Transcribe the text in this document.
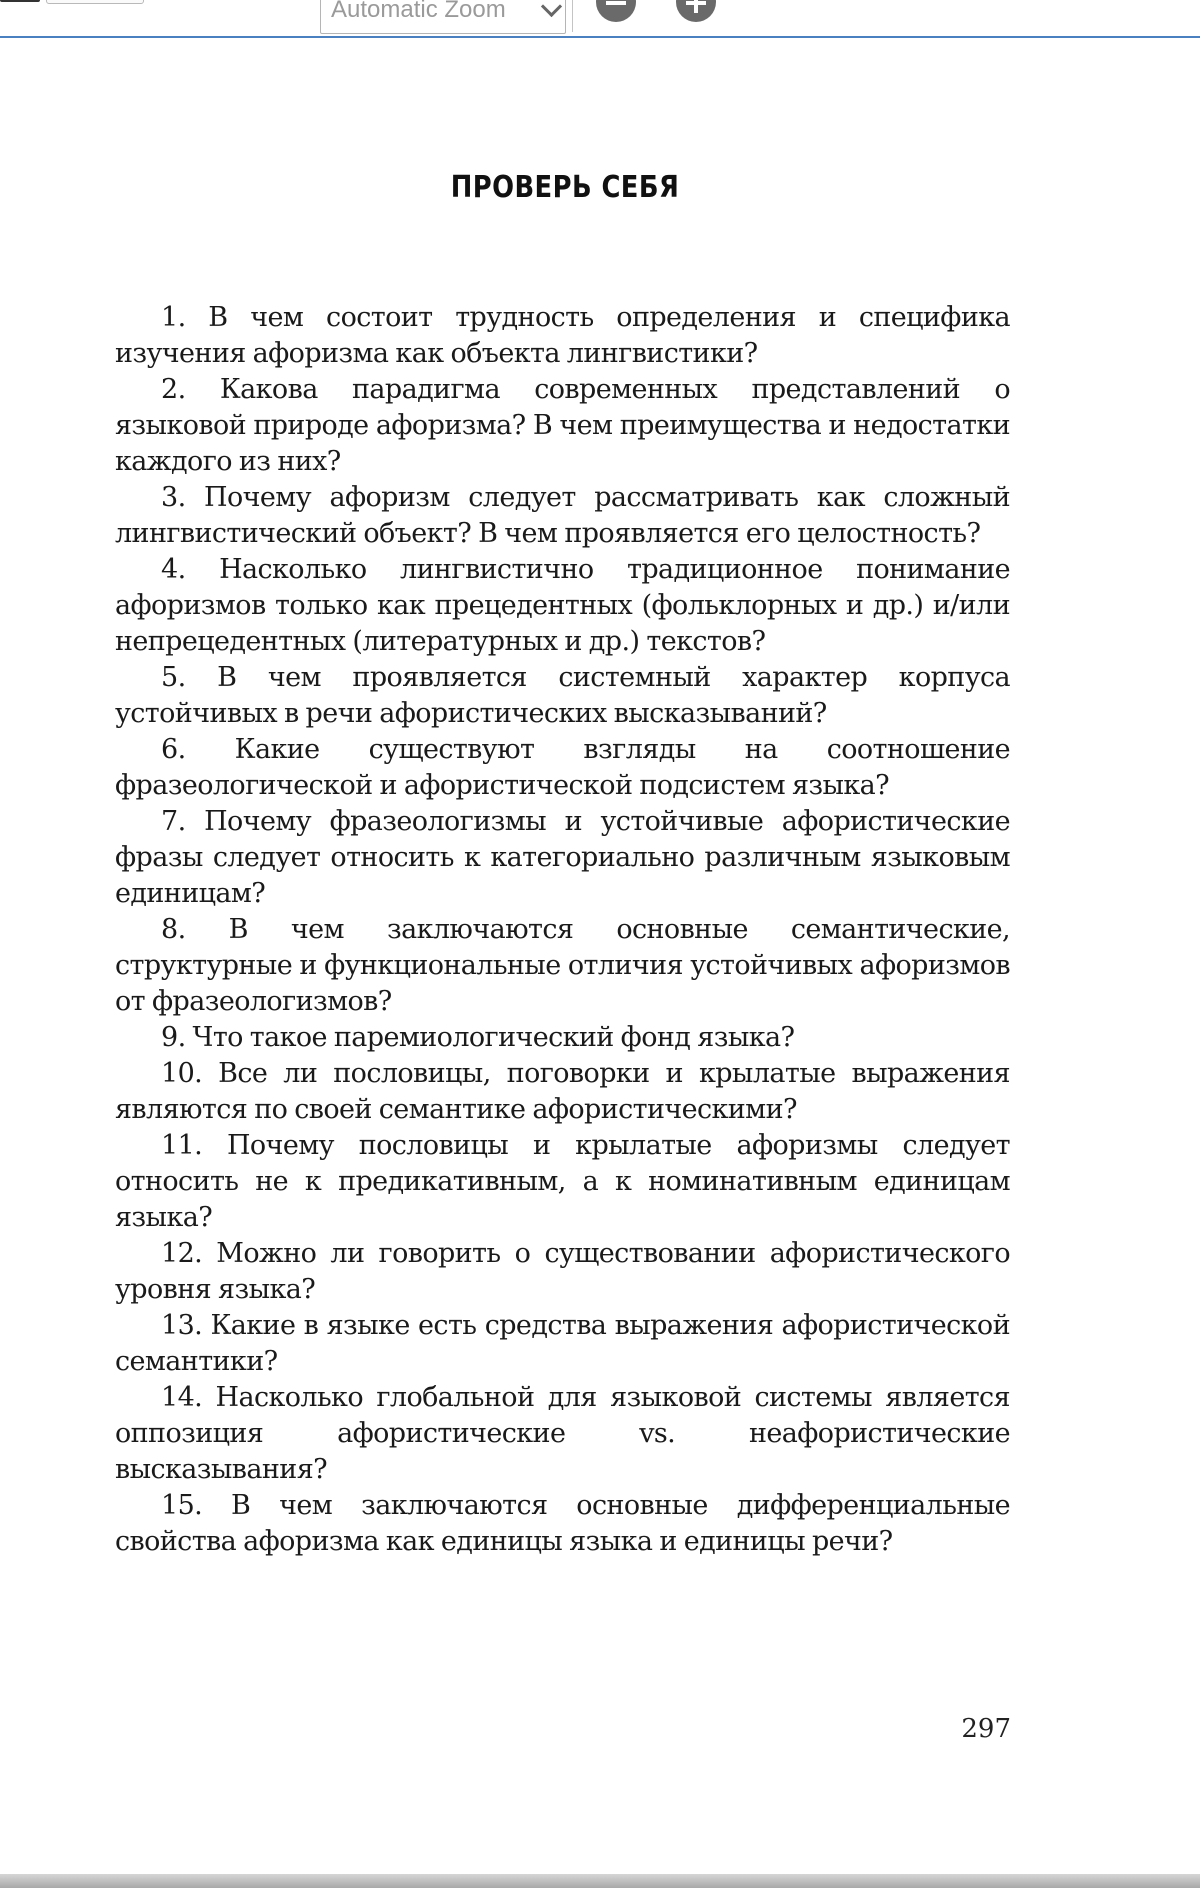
Automatic Zoom
ПРОВЕРЬ СЕБЯ
1. В чем состоит трудность определения и специфика изучения афоризма как объекта лингвистики?
2. Какова парадигма современных представлений о языковой природе афоризма? В чем преимущества и недостатки каждого из них?
3. Почему афоризм следует рассматривать как сложный лингвистический объект? В чем проявляется его целостность?
4. Насколько лингвистично традиционное понимание афоризмов только как прецедентных (фольклорных и др.) и/или непрецедентных (литературных и др.) текстов?
5. В чем проявляется системный характер корпуса устойчивых в речи афористических высказываний?
6. Какие существуют взгляды на соотношение фразеологической и афористической подсистем языка?
7. Почему фразеологизмы и устойчивые афористические фразы следует относить к категориально различным языковым единицам?
8. В чем заключаются основные семантические, структурные и функциональные отличия устойчивых афоризмов от фразеологизмов?
9. Что такое паремиологический фонд языка?
10. Все ли пословицы, поговорки и крылатые выражения являются по своей семантике афористическими?
11. Почему пословицы и крылатые афоризмы следует относить не к предикативным, а к номинативным единицам языка?
12. Можно ли говорить о существовании афористического уровня языка?
13. Какие в языке есть средства выражения афористической семантики?
14. Насколько глобальной для языковой системы является оппозиция афористические vs. неафористические высказывания?
15. В чем заключаются основные дифференциальные свойства афоризма как единицы языка и единицы речи?
297
